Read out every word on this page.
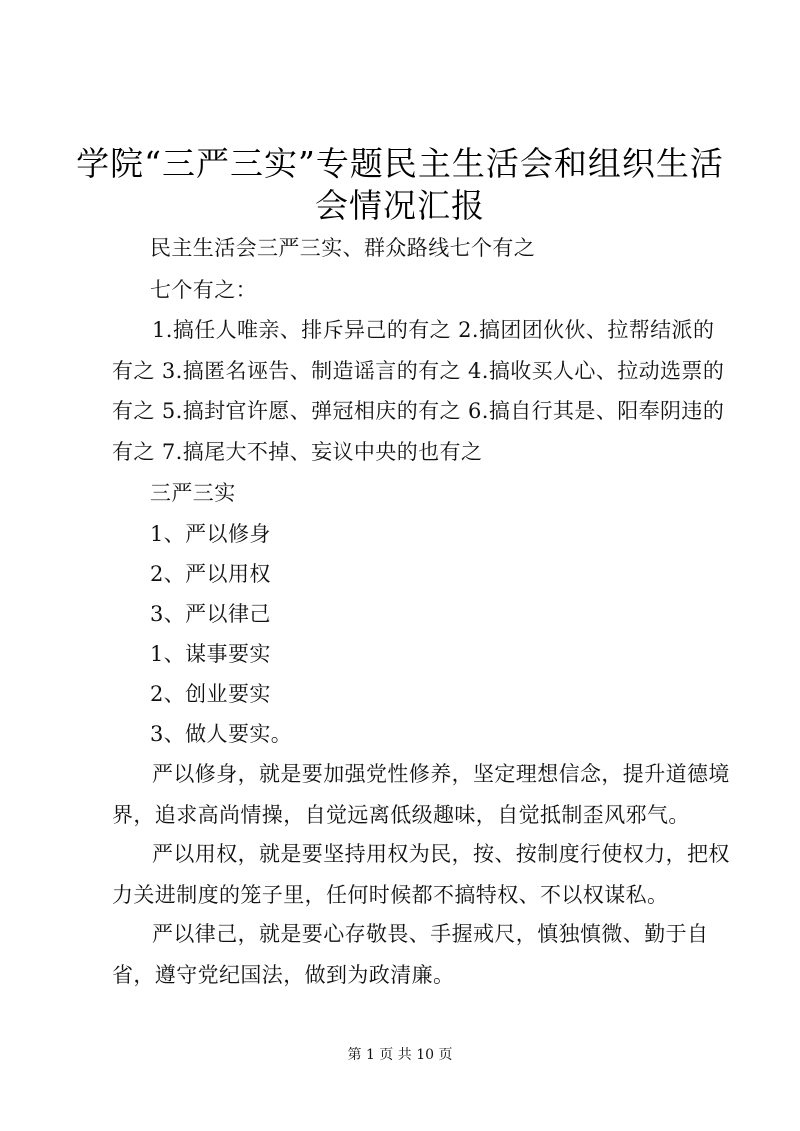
学院“三严三实”专题民主生活会和组织生活
会情况汇报
民主生活会三严三实、群众路线七个有之
七个有之：
1.搞任人唯亲、排斥异己的有之 2.搞团团伙伙、拉帮结派的有之 3.搞匿名诬告、制造谣言的有之 4.搞收买人心、拉动选票的有之 5.搞封官许愿、弹冠相庆的有之 6.搞自行其是、阳奉阴违的有之 7.搞尾大不掉、妄议中央的也有之
三严三实
1、严以修身
2、严以用权
3、严以律己
1、谋事要实
2、创业要实
3、做人要实。
严以修身，就是要加强党性修养，坚定理想信念，提升道德境界，追求高尚情操，自觉远离低级趣味，自觉抵制歪风邪气。
严以用权，就是要坚持用权为民，按、按制度行使权力，把权力关进制度的笼子里，任何时候都不搞特权、不以权谋私。
严以律己，就是要心存敬畏、手握戒尺，慎独慎微、勤于自省，遵守党纪国法，做到为政清廉。
第 1 页 共 10 页
